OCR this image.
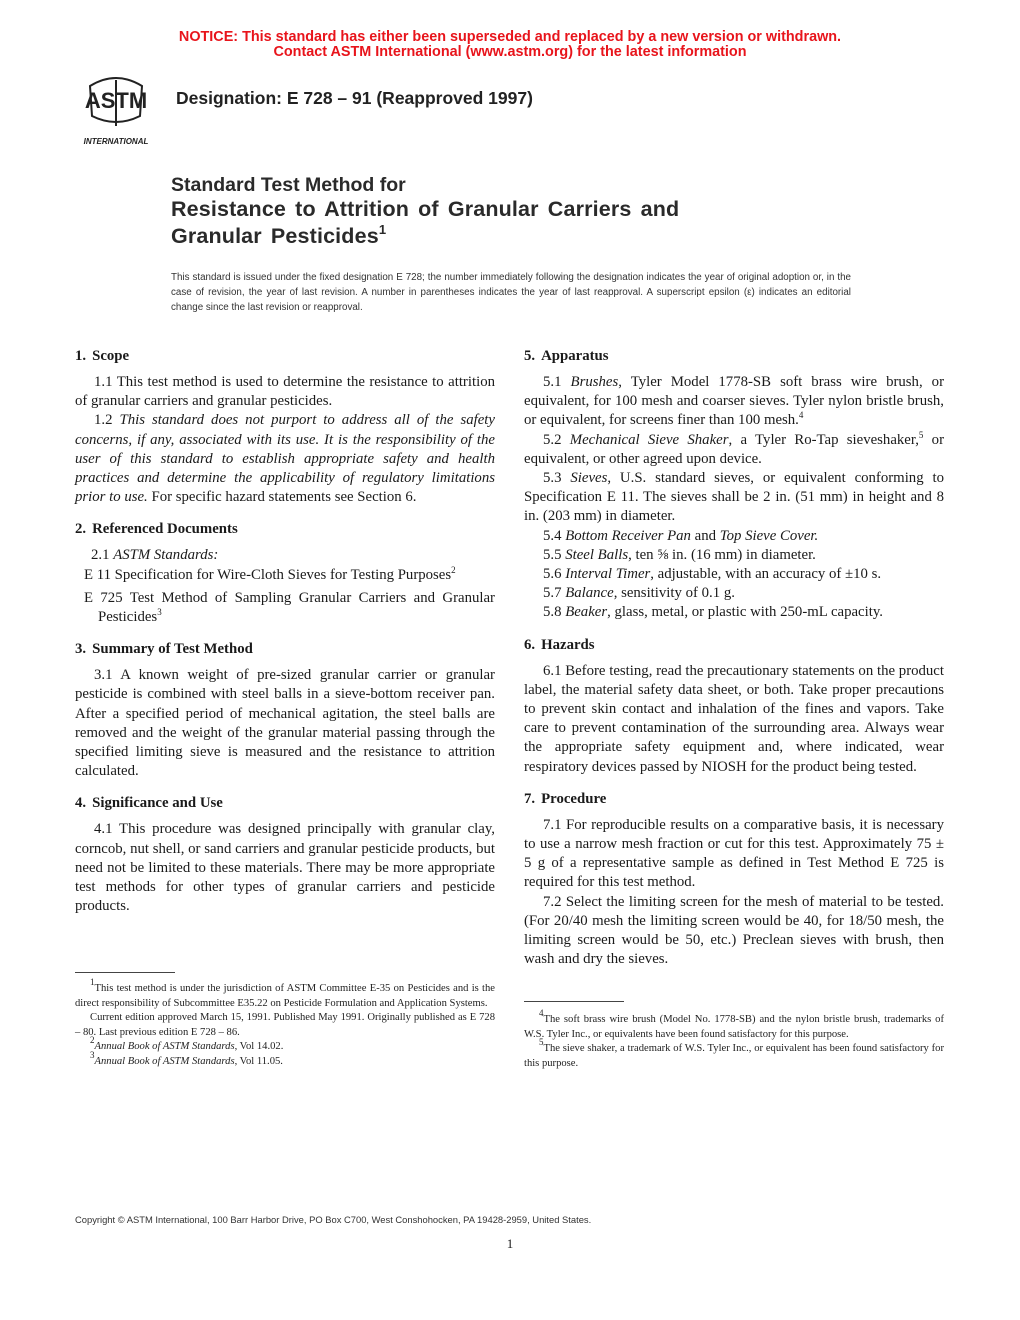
NOTICE: This standard has either been superseded and replaced by a new version or withdrawn.
Contact ASTM International (www.astm.org) for the latest information
ASTM
INTERNATIONAL
Designation: E 728 – 91 (Reapproved 1997)
Standard Test Method for
Resistance to Attrition of Granular Carriers and
Granular Pesticides$^1$
This standard is issued under the fixed designation E 728; the number immediately following the designation indicates the year of original adoption or, in the case of revision, the year of last revision. A number in parentheses indicates the year of last reapproval. A superscript epsilon (ε) indicates an editorial change since the last revision or reapproval.
1. Scope

1.1 This test method is used to determine the resistance to attrition of granular carriers and granular pesticides.

1.2 This standard does not purport to address all of the safety concerns, if any, associated with its use. It is the responsibility of the user of this standard to establish appropriate safety and health practices and determine the applicability of regulatory limitations prior to use. For specific hazard statements see Section 6.

2. Referenced Documents

2.1 ASTM Standards:

E 11 Specification for Wire-Cloth Sieves for Testing Purposes$^2$
E 725 Test Method of Sampling Granular Carriers and Granular Pesticides$^3$
3. Summary of Test Method

3.1 A known weight of pre-sized granular carrier or granular pesticide is combined with steel balls in a sieve-bottom receiver pan. After a specified period of mechanical agitation, the steel balls are removed and the weight of the granular material passing through the specified limiting sieve is measured and the resistance to attrition calculated.

4. Significance and Use

4.1 This procedure was designed principally with granular clay, corncob, nut shell, or sand carriers and granular pesticide products, but need not be limited to these materials. There may be more appropriate test methods for other types of granular carriers and pesticide products.

$^1$This test method is under the jurisdiction of ASTM Committee E-35 on Pesticides and is the direct responsibility of Subcommittee E35.22 on Pesticide Formulation and Application Systems.

Current edition approved March 15, 1991. Published May 1991. Originally published as E 728 – 80. Last previous edition E 728 – 86.

$^2$Annual Book of ASTM Standards, Vol 14.02.

$^3$Annual Book of ASTM Standards, Vol 11.05.

5. Apparatus

5.1 Brushes, Tyler Model 1778-SB soft brass wire brush, or equivalent, for 100 mesh and coarser sieves. Tyler nylon bristle brush, or equivalent, for screens finer than 100 mesh.$^4$

5.2 Mechanical Sieve Shaker, a Tyler Ro-Tap sieveshaker,$^5$ or equivalent, or other agreed upon device.

5.3 Sieves, U.S. standard sieves, or equivalent conforming to Specification E 11. The sieves shall be 2 in. (51 mm) in height and 8 in. (203 mm) in diameter.

5.4 Bottom Receiver Pan and Top Sieve Cover.

5.5 Steel Balls, ten ⅝ in. (16 mm) in diameter.

5.6 Interval Timer, adjustable, with an accuracy of ±10 s.

5.7 Balance, sensitivity of 0.1 g.

5.8 Beaker, glass, metal, or plastic with 250-mL capacity.

6. Hazards

6.1 Before testing, read the precautionary statements on the product label, the material safety data sheet, or both. Take proper precautions to prevent skin contact and inhalation of the fines and vapors. Take care to prevent contamination of the surrounding area. Always wear the appropriate safety equipment and, where indicated, wear respiratory devices passed by NIOSH for the product being tested.

7. Procedure

7.1 For reproducible results on a comparative basis, it is necessary to use a narrow mesh fraction or cut for this test. Approximately 75 ± 5 g of a representative sample as defined in Test Method E 725 is required for this test method.

7.2 Select the limiting screen for the mesh of material to be tested. (For 20/40 mesh the limiting screen would be 40, for 18/50 mesh, the limiting screen would be 50, etc.) Preclean sieves with brush, then wash and dry the sieves.

$^4$The soft brass wire brush (Model No. 1778-SB) and the nylon bristle brush, trademarks of W.S. Tyler Inc., or equivalents have been found satisfactory for this purpose.

$^5$The sieve shaker, a trademark of W.S. Tyler Inc., or equivalent has been found satisfactory for this purpose.

Copyright © ASTM International, 100 Barr Harbor Drive, PO Box C700, West Conshohocken, PA 19428-2959, United States.
1
